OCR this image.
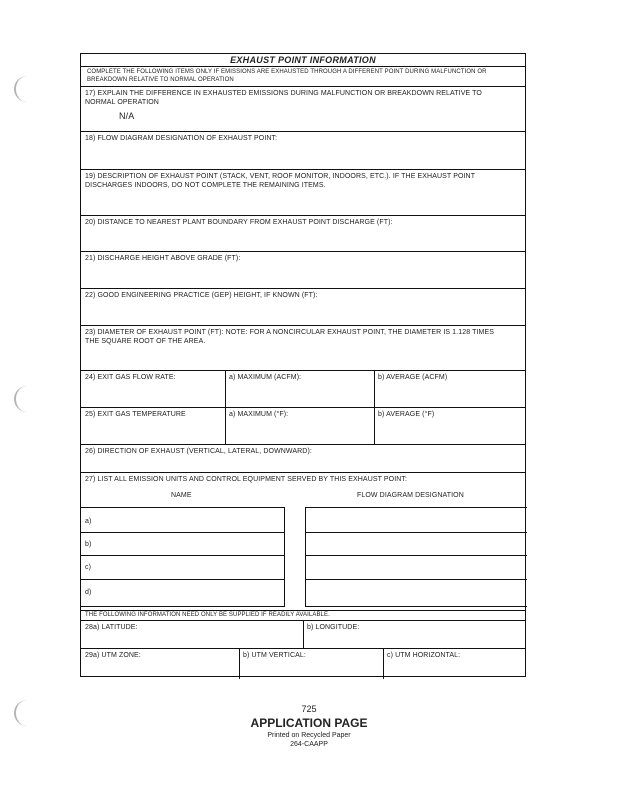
EXHAUST POINT INFORMATION
COMPLETE THE FOLLOWING ITEMS ONLY IF EMISSIONS ARE EXHAUSTED THROUGH A DIFFERENT POINT DURING MALFUNCTION OR BREAKDOWN RELATIVE TO NORMAL OPERATION
17) EXPLAIN THE DIFFERENCE IN EXHAUSTED EMISSIONS DURING MALFUNCTION OR BREAKDOWN RELATIVE TO NORMAL OPERATION
N/A
18) FLOW DIAGRAM DESIGNATION OF EXHAUST POINT:
19) DESCRIPTION OF EXHAUST POINT (STACK, VENT, ROOF MONITOR, INDOORS, ETC.). IF THE EXHAUST POINT DISCHARGES INDOORS, DO NOT COMPLETE THE REMAINING ITEMS.
20) DISTANCE TO NEAREST PLANT BOUNDARY FROM EXHAUST POINT DISCHARGE (FT):
21) DISCHARGE HEIGHT ABOVE GRADE (FT):
22) GOOD ENGINEERING PRACTICE (GEP) HEIGHT, IF KNOWN (FT):
23) DIAMETER OF EXHAUST POINT (FT): NOTE: FOR A NONCIRCULAR EXHAUST POINT, THE DIAMETER IS 1.128 TIMES THE SQUARE ROOT OF THE AREA.
24) EXIT GAS FLOW RATE:	a) MAXIMUM (ACFM):	b) AVERAGE (ACFM)
25) EXIT GAS TEMPERATURE	a) MAXIMUM (°F):	b) AVERAGE (°F)
26) DIRECTION OF EXHAUST (VERTICAL, LATERAL, DOWNWARD):
27) LIST ALL EMISSION UNITS AND CONTROL EQUIPMENT SERVED BY THIS EXHAUST POINT:
NAME	FLOW DIAGRAM DESIGNATION
a)
b)
c)
d)
THE FOLLOWING INFORMATION NEED ONLY BE SUPPLIED IF READILY AVAILABLE.
28a) LATITUDE:	b) LONGITUDE:
29a) UTM ZONE:	b) UTM VERTICAL:	c) UTM HORIZONTAL:
725
APPLICATION PAGE
Printed on Recycled Paper
264-CAAPP
